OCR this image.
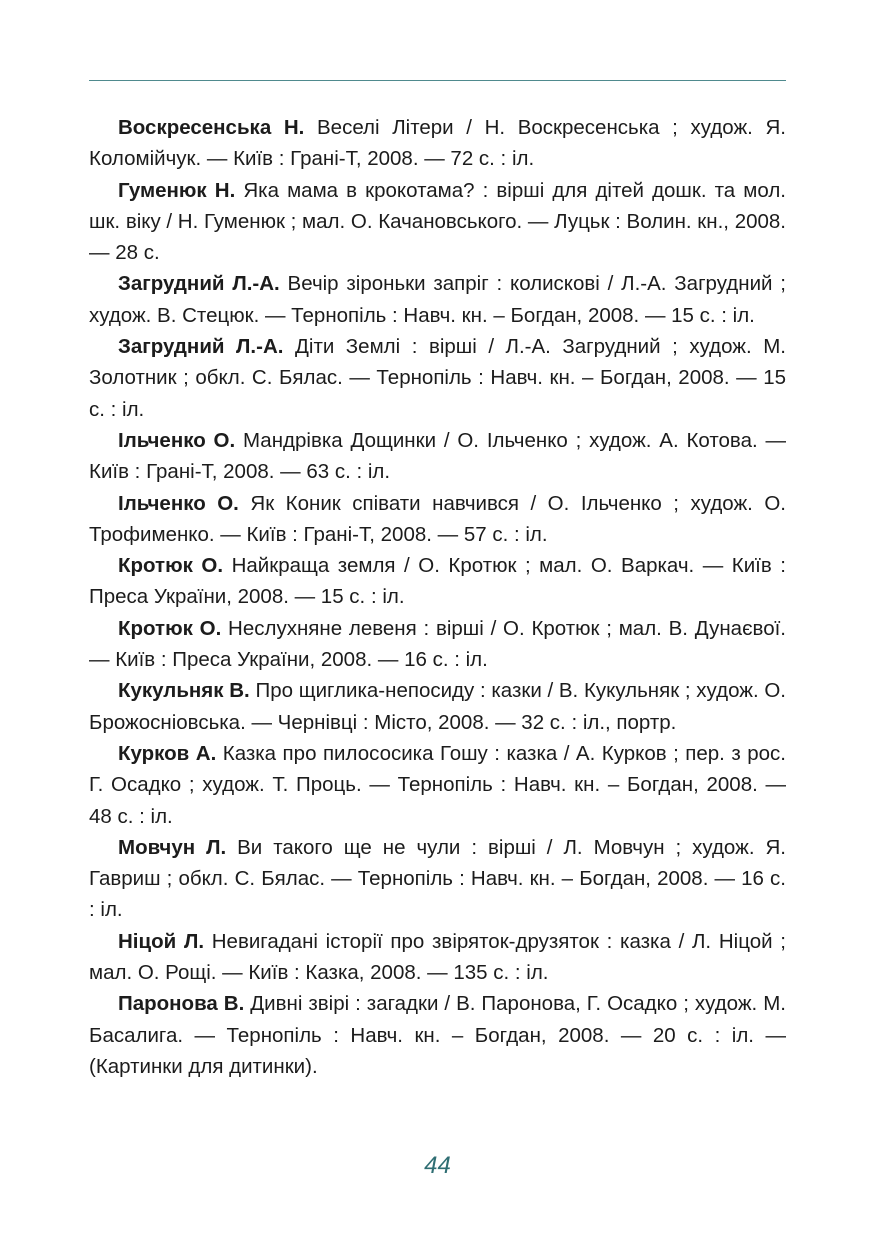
Воскресенська Н. Веселі Літери / Н. Воскресенська ; худож. Я. Коломійчук. — Київ : Грані-Т, 2008. — 72 с. : іл.

Гуменюк Н. Яка мама в крокотама? : вірші для дітей дошк. та мол. шк. віку / Н. Гуменюк ; мал. О. Качановського. — Луцьк : Волин. кн., 2008. — 28 с.

Загрудний Л.-А. Вечір зіроньки запріг : колискові / Л.-А. Загрудний ; худож. В. Стецюк. — Тернопіль : Навч. кн. – Богдан, 2008. — 15 с. : іл.

Загрудний Л.-А. Діти Землі : вірші / Л.-А. Загрудний ; худож. М. Золотник ; обкл. С. Бялас. — Тернопіль : Навч. кн. – Богдан, 2008. — 15 с. : іл.

Ільченко О. Мандрівка Дощинки / О. Ільченко ; худож. А. Котова. — Київ : Грані-Т, 2008. — 63 с. : іл.

Ільченко О. Як Коник співати навчився / О. Ільченко ; худож. О. Трофименко. — Київ : Грані-Т, 2008. — 57 с. : іл.

Кротюк О. Найкраща земля / О. Кротюк ; мал. О. Варкач. — Київ : Преса України, 2008. — 15 с. : іл.

Кротюк О. Неслухняне левеня : вірші / О. Кротюк ; мал. В. Дунаєвої. — Київ : Преса України, 2008. — 16 с. : іл.

Кукульняк В. Про щиглика-непосиду : казки / В. Кукульняк ; худож. О. Брожосніовська. — Чернівці : Місто, 2008. — 32 с. : іл., портр.

Курков А. Казка про пилососика Гошу : казка / А. Курков ; пер. з рос. Г. Осадко ; худож. Т. Проць. — Тернопіль : Навч. кн. – Богдан, 2008. — 48 с. : іл.

Мовчун Л. Ви такого ще не чули : вірші / Л. Мовчун ; худож. Я. Гавриш ; обкл. С. Бялас. — Тернопіль : Навч. кн. – Богдан, 2008. — 16 с. : іл.

Ніцой Л. Невигадані історії про звіряток-друзяток : казка / Л. Ніцой ; мал. О. Рощі. — Київ : Казка, 2008. — 135 с. : іл.

Паронова В. Дивні звірі : загадки / В. Паронова, Г. Осадко ; худож. М. Басалига. — Тернопіль : Навч. кн. – Богдан, 2008. — 20 с. : іл. — (Картинки для дитинки).

44
